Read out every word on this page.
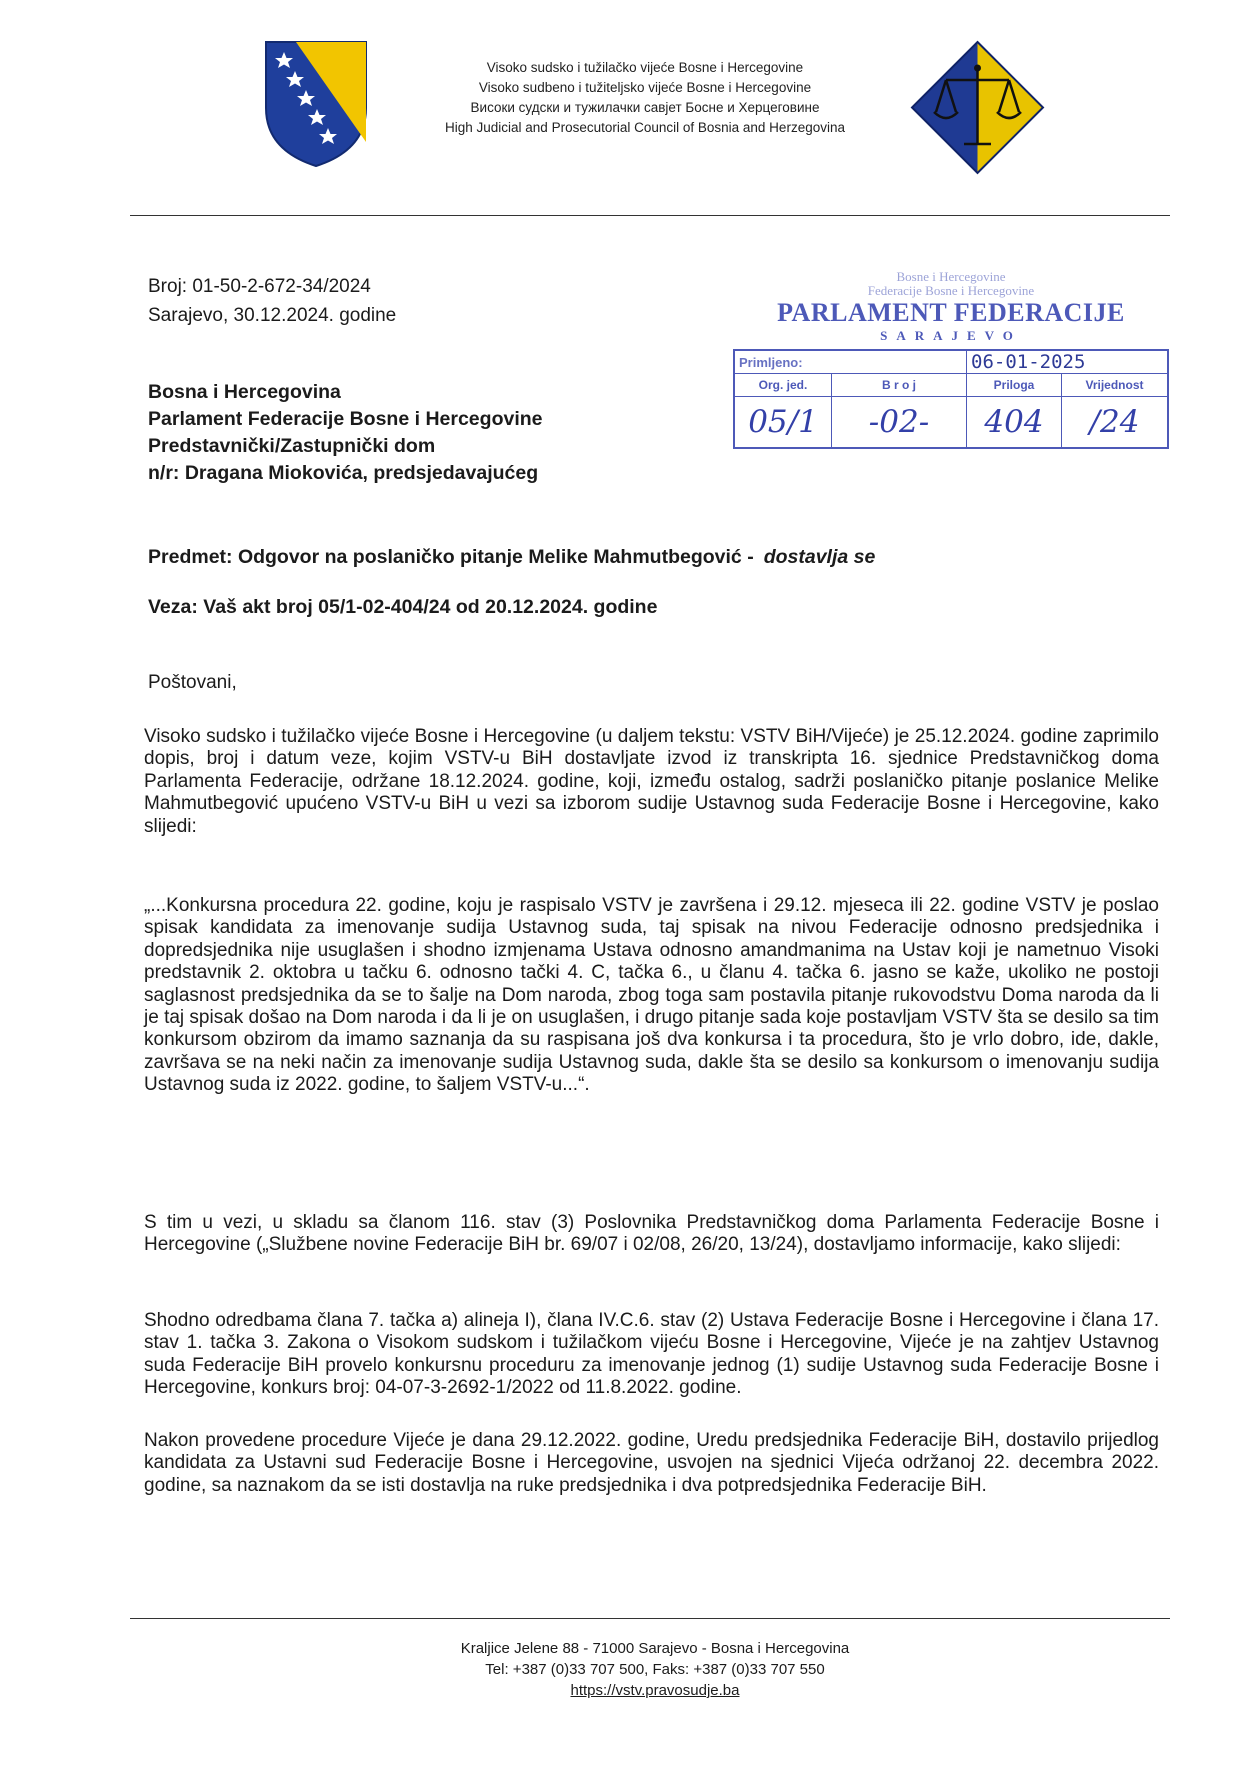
Visoko sudsko i tužilačko vijeće Bosne i Hercegovine
Visoko sudbeno i tužiteljsko vijeće Bosne i Hercegovine
Високи судски и тужилачки савјет Босне и Херцеговине
High Judicial and Prosecutorial Council of Bosnia and Herzegovina
Broj: 01-50-2-672-34/2024
Sarajevo, 30.12.2024. godine
Bosna i Hercegovina
Parlament Federacije Bosne i Hercegovine
Predstavnički/Zastupnički dom
n/r: Dragana Miokovića, predsjedavajućeg
Bosne i Hercegovine
Federacije Bosne i Hercegovine
PARLAMENT FEDERACIJE
SARAJEVO
Primljeno:		06-01-2025	
Org. jed.	B r o j	Priloga	Vrijednost
05/1	-02-	404	/24
Predmet: Odgovor na poslaničko pitanje Melike Mahmutbegović - dostavlja se
Veza: Vaš akt broj 05/1-02-404/24 od 20.12.2024. godine
Poštovani,
Visoko sudsko i tužilačko vijeće Bosne i Hercegovine (u daljem tekstu: VSTV BiH/Vijeće) je 25.12.2024. godine zaprimilo dopis, broj i datum veze, kojim VSTV-u BiH dostavljate izvod iz transkripta 16. sjednice Predstavničkog doma Parlamenta Federacije, održane 18.12.2024. godine, koji, između ostalog, sadrži poslaničko pitanje poslanice Melike Mahmutbegović upućeno VSTV-u BiH u vezi sa izborom sudije Ustavnog suda Federacije Bosne i Hercegovine, kako slijedi:
„...Konkursna procedura 22. godine, koju je raspisalo VSTV je završena i 29.12. mjeseca ili 22. godine VSTV je poslao spisak kandidata za imenovanje sudija Ustavnog suda, taj spisak na nivou Federacije odnosno predsjednika i dopredsjednika nije usuglašen i shodno izmjenama Ustava odnosno amandmanima na Ustav koji je nametnuo Visoki predstavnik 2. oktobra u tačku 6. odnosno tački 4. C, tačka 6., u članu 4. tačka 6. jasno se kaže, ukoliko ne postoji saglasnost predsjednika da se to šalje na Dom naroda, zbog toga sam postavila pitanje rukovodstvu Doma naroda da li je taj spisak došao na Dom naroda i da li je on usuglašen, i drugo pitanje sada koje postavljam VSTV šta se desilo sa tim konkursom obzirom da imamo saznanja da su raspisana još dva konkursa i ta procedura, što je vrlo dobro, ide, dakle, završava se na neki način za imenovanje sudija Ustavnog suda, dakle šta se desilo sa konkursom o imenovanju sudija Ustavnog suda iz 2022. godine, to šaljem VSTV-u...“.
S tim u vezi, u skladu sa članom 116. stav (3) Poslovnika Predstavničkog doma Parlamenta Federacije Bosne i Hercegovine („Službene novine Federacije BiH br. 69/07 i 02/08, 26/20, 13/24), dostavljamo informacije, kako slijedi:
Shodno odredbama člana 7. tačka a) alineja I), člana IV.C.6. stav (2) Ustava Federacije Bosne i Hercegovine i člana 17. stav 1. tačka 3. Zakona o Visokom sudskom i tužilačkom vijeću Bosne i Hercegovine, Vijeće je na zahtjev Ustavnog suda Federacije BiH provelo konkursnu proceduru za imenovanje jednog (1) sudije Ustavnog suda Federacije Bosne i Hercegovine, konkurs broj: 04-07-3-2692-1/2022 od 11.8.2022. godine.
Nakon provedene procedure Vijeće je dana 29.12.2022. godine, Uredu predsjednika Federacije BiH, dostavilo prijedlog kandidata za Ustavni sud Federacije Bosne i Hercegovine, usvojen na sjednici Vijeća održanoj 22. decembra 2022. godine, sa naznakom da se isti dostavlja na ruke predsjednika i dva potpredsjednika Federacije BiH.
Kraljice Jelene 88 - 71000 Sarajevo - Bosna i Hercegovina
Tel: +387 (0)33 707 500, Faks: +387 (0)33 707 550
https://vstv.pravosudje.ba
